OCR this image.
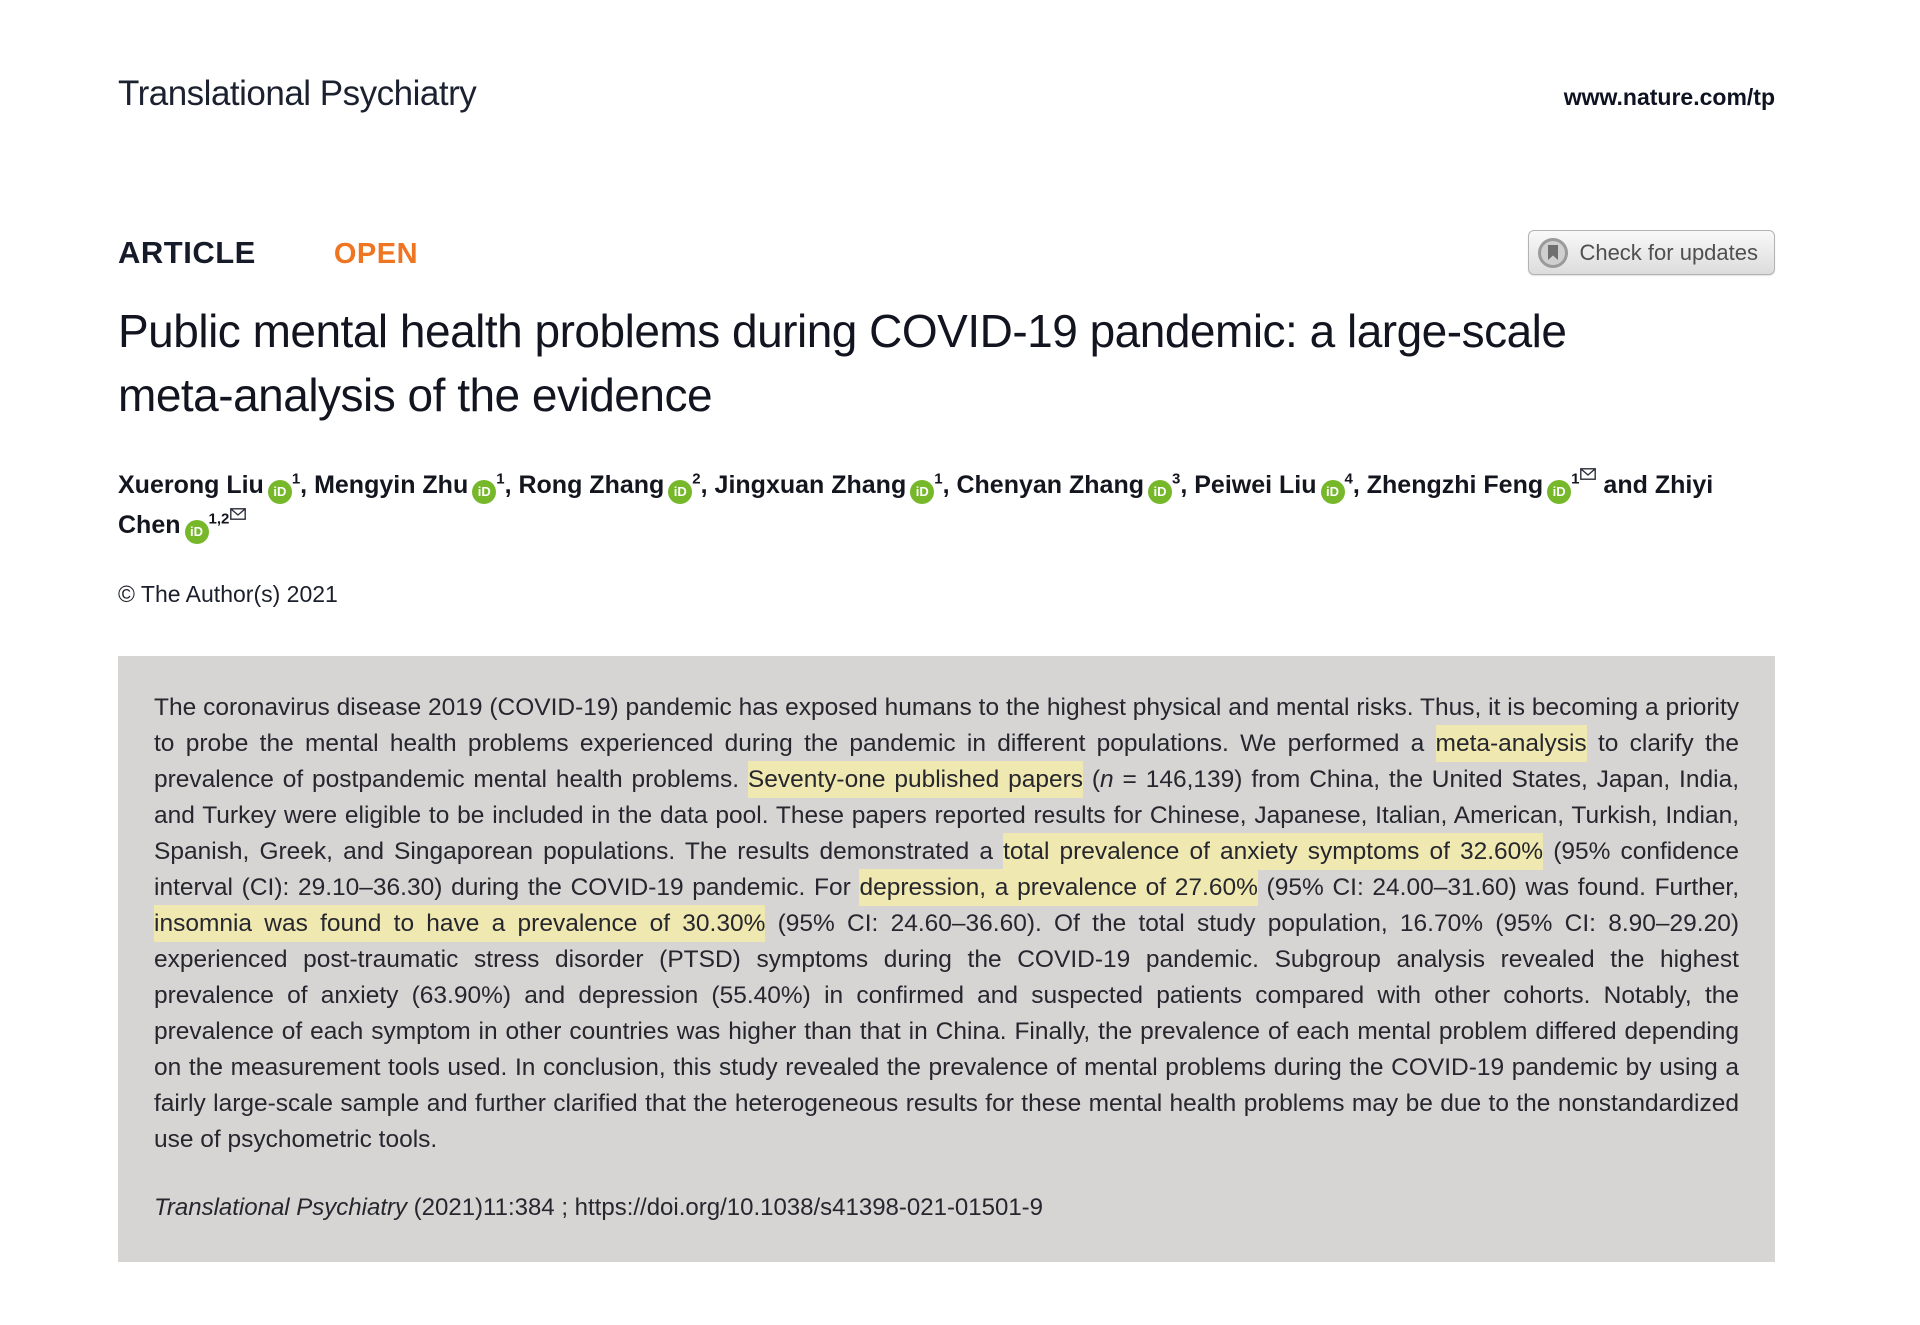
Translational Psychiatry	www.nature.com/tp
ARTICLE	OPEN	Check for updates
Public mental health problems during COVID-19 pandemic: a large-scale meta-analysis of the evidence
Xuerong Liu $iD^1$, Mengyin Zhu $iD^1$, Rong Zhang $iD^2$, Jingxuan Zhang $iD^1$, Chenyan Zhang $iD^3$, Peiwei Liu $iD^4$, Zhengzhi Feng $iD^1$ and Zhiyi Chen iD$^{1,2}$
© The Author(s) 2021

The coronavirus disease 2019 (COVID-19) pandemic has exposed humans to the highest physical and mental risks. Thus, it is becoming a priority to probe the mental health problems experienced during the pandemic in different populations. We performed a meta-analysis to clarify the prevalence of postpandemic mental health problems. Seventy-one published papers (n = 146,139) from China, the United States, Japan, India, and Turkey were eligible to be included in the data pool. These papers reported results for Chinese, Japanese, Italian, American, Turkish, Indian, Spanish, Greek, and Singaporean populations. The results demonstrated a total prevalence of anxiety symptoms of 32.60% (95% confidence interval (CI): 29.10–36.30) during the COVID-19 pandemic. For depression, a prevalence of 27.60% (95% CI: 24.00–31.60) was found. Further, insomnia was found to have a prevalence of 30.30% (95% CI: 24.60–36.60). Of the total study population, 16.70% (95% CI: 8.90–29.20) experienced post-traumatic stress disorder (PTSD) symptoms during the COVID-19 pandemic. Subgroup analysis revealed the highest prevalence of anxiety (63.90%) and depression (55.40%) in confirmed and suspected patients compared with other cohorts. Notably, the prevalence of each symptom in other countries was higher than that in China. Finally, the prevalence of each mental problem differed depending on the measurement tools used. In conclusion, this study revealed the prevalence of mental problems during the COVID-19 pandemic by using a fairly large-scale sample and further clarified that the heterogeneous results for these mental health problems may be due to the nonstandardized use of psychometric tools.

Translational Psychiatry (2021)11:384 ; https://doi.org/10.1038/s41398-021-01501-9
